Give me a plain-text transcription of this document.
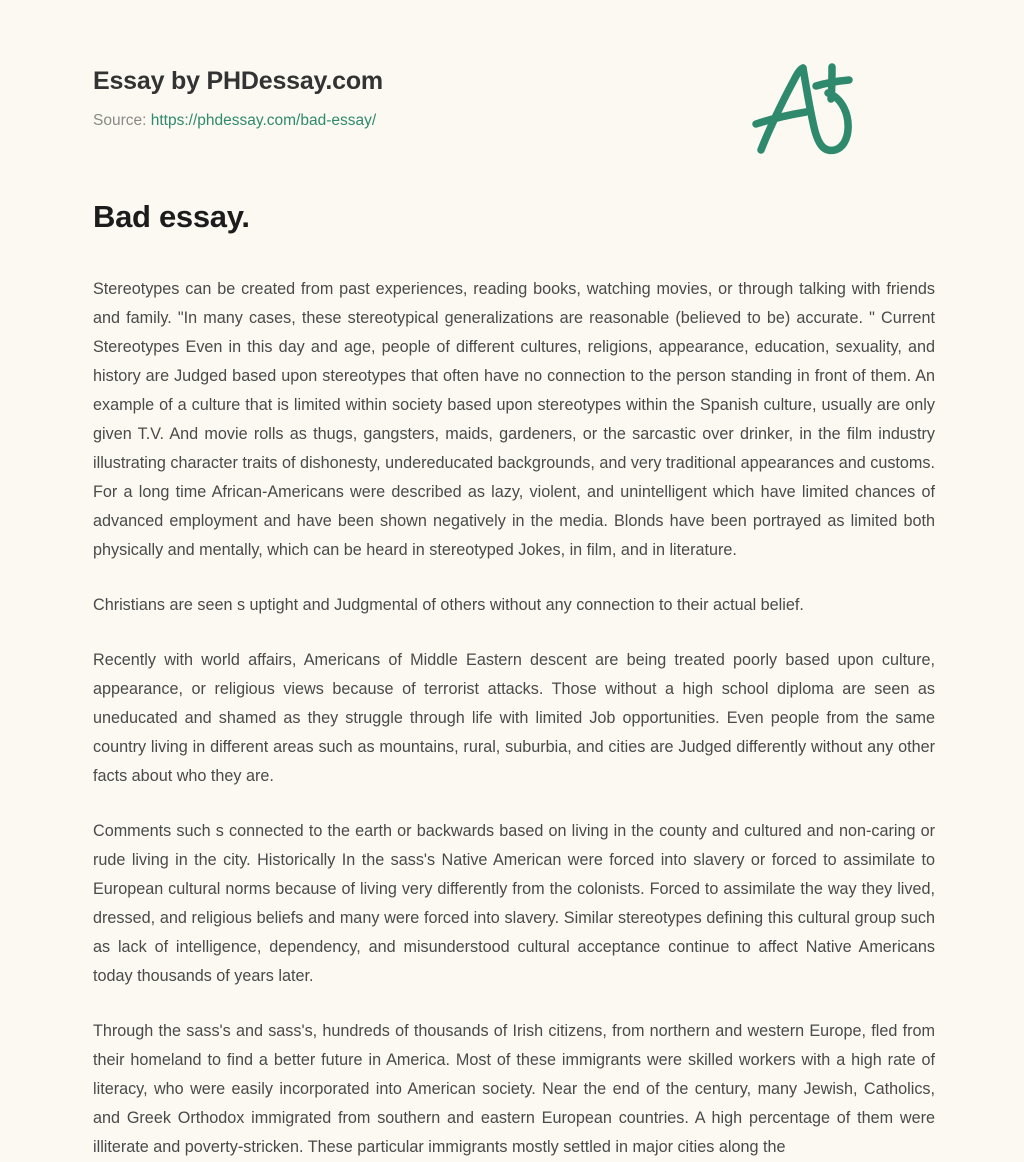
Essay by PHDessay.com
Source: https://phdessay.com/bad-essay/
Bad essay.

Stereotypes can be created from past experiences, reading books, watching movies, or through talking with friends and family. "In many cases, these stereotypical generalizations are reasonable (believed to be) accurate. " Current Stereotypes Even in this day and age, people of different cultures, religions, appearance, education, sexuality, and history are Judged based upon stereotypes that often have no connection to the person standing in front of them. An example of a culture that is limited within society based upon stereotypes within the Spanish culture, usually are only given T.V. And movie rolls as thugs, gangsters, maids, gardeners, or the sarcastic over drinker, in the film industry illustrating character traits of dishonesty, undereducated backgrounds, and very traditional appearances and customs. For a long time African-Americans were described as lazy, violent, and unintelligent which have limited chances of advanced employment and have been shown negatively in the media. Blonds have been portrayed as limited both physically and mentally, which can be heard in stereotyped Jokes, in film, and in literature.

Christians are seen s uptight and Judgmental of others without any connection to their actual belief.

Recently with world affairs, Americans of Middle Eastern descent are being treated poorly based upon culture, appearance, or religious views because of terrorist attacks. Those without a high school diploma are seen as uneducated and shamed as they struggle through life with limited Job opportunities. Even people from the same country living in different areas such as mountains, rural, suburbia, and cities are Judged differently without any other facts about who they are.

Comments such s connected to the earth or backwards based on living in the county and cultured and non-caring or rude living in the city. Historically In the sass's Native American were forced into slavery or forced to assimilate to European cultural norms because of living very differently from the colonists. Forced to assimilate the way they lived, dressed, and religious beliefs and many were forced into slavery. Similar stereotypes defining this cultural group such as lack of intelligence, dependency, and misunderstood cultural acceptance continue to affect Native Americans today thousands of years later.

Through the sass's and sass's, hundreds of thousands of Irish citizens, from northern and western Europe, fled from their homeland to find a better future in America. Most of these immigrants were skilled workers with a high rate of literacy, who were easily incorporated into American society. Near the end of the century, many Jewish, Catholics, and Greek Orthodox immigrated from southern and eastern European countries. A high percentage of them were illiterate and poverty-stricken. These particular immigrants mostly settled in major cities along the
